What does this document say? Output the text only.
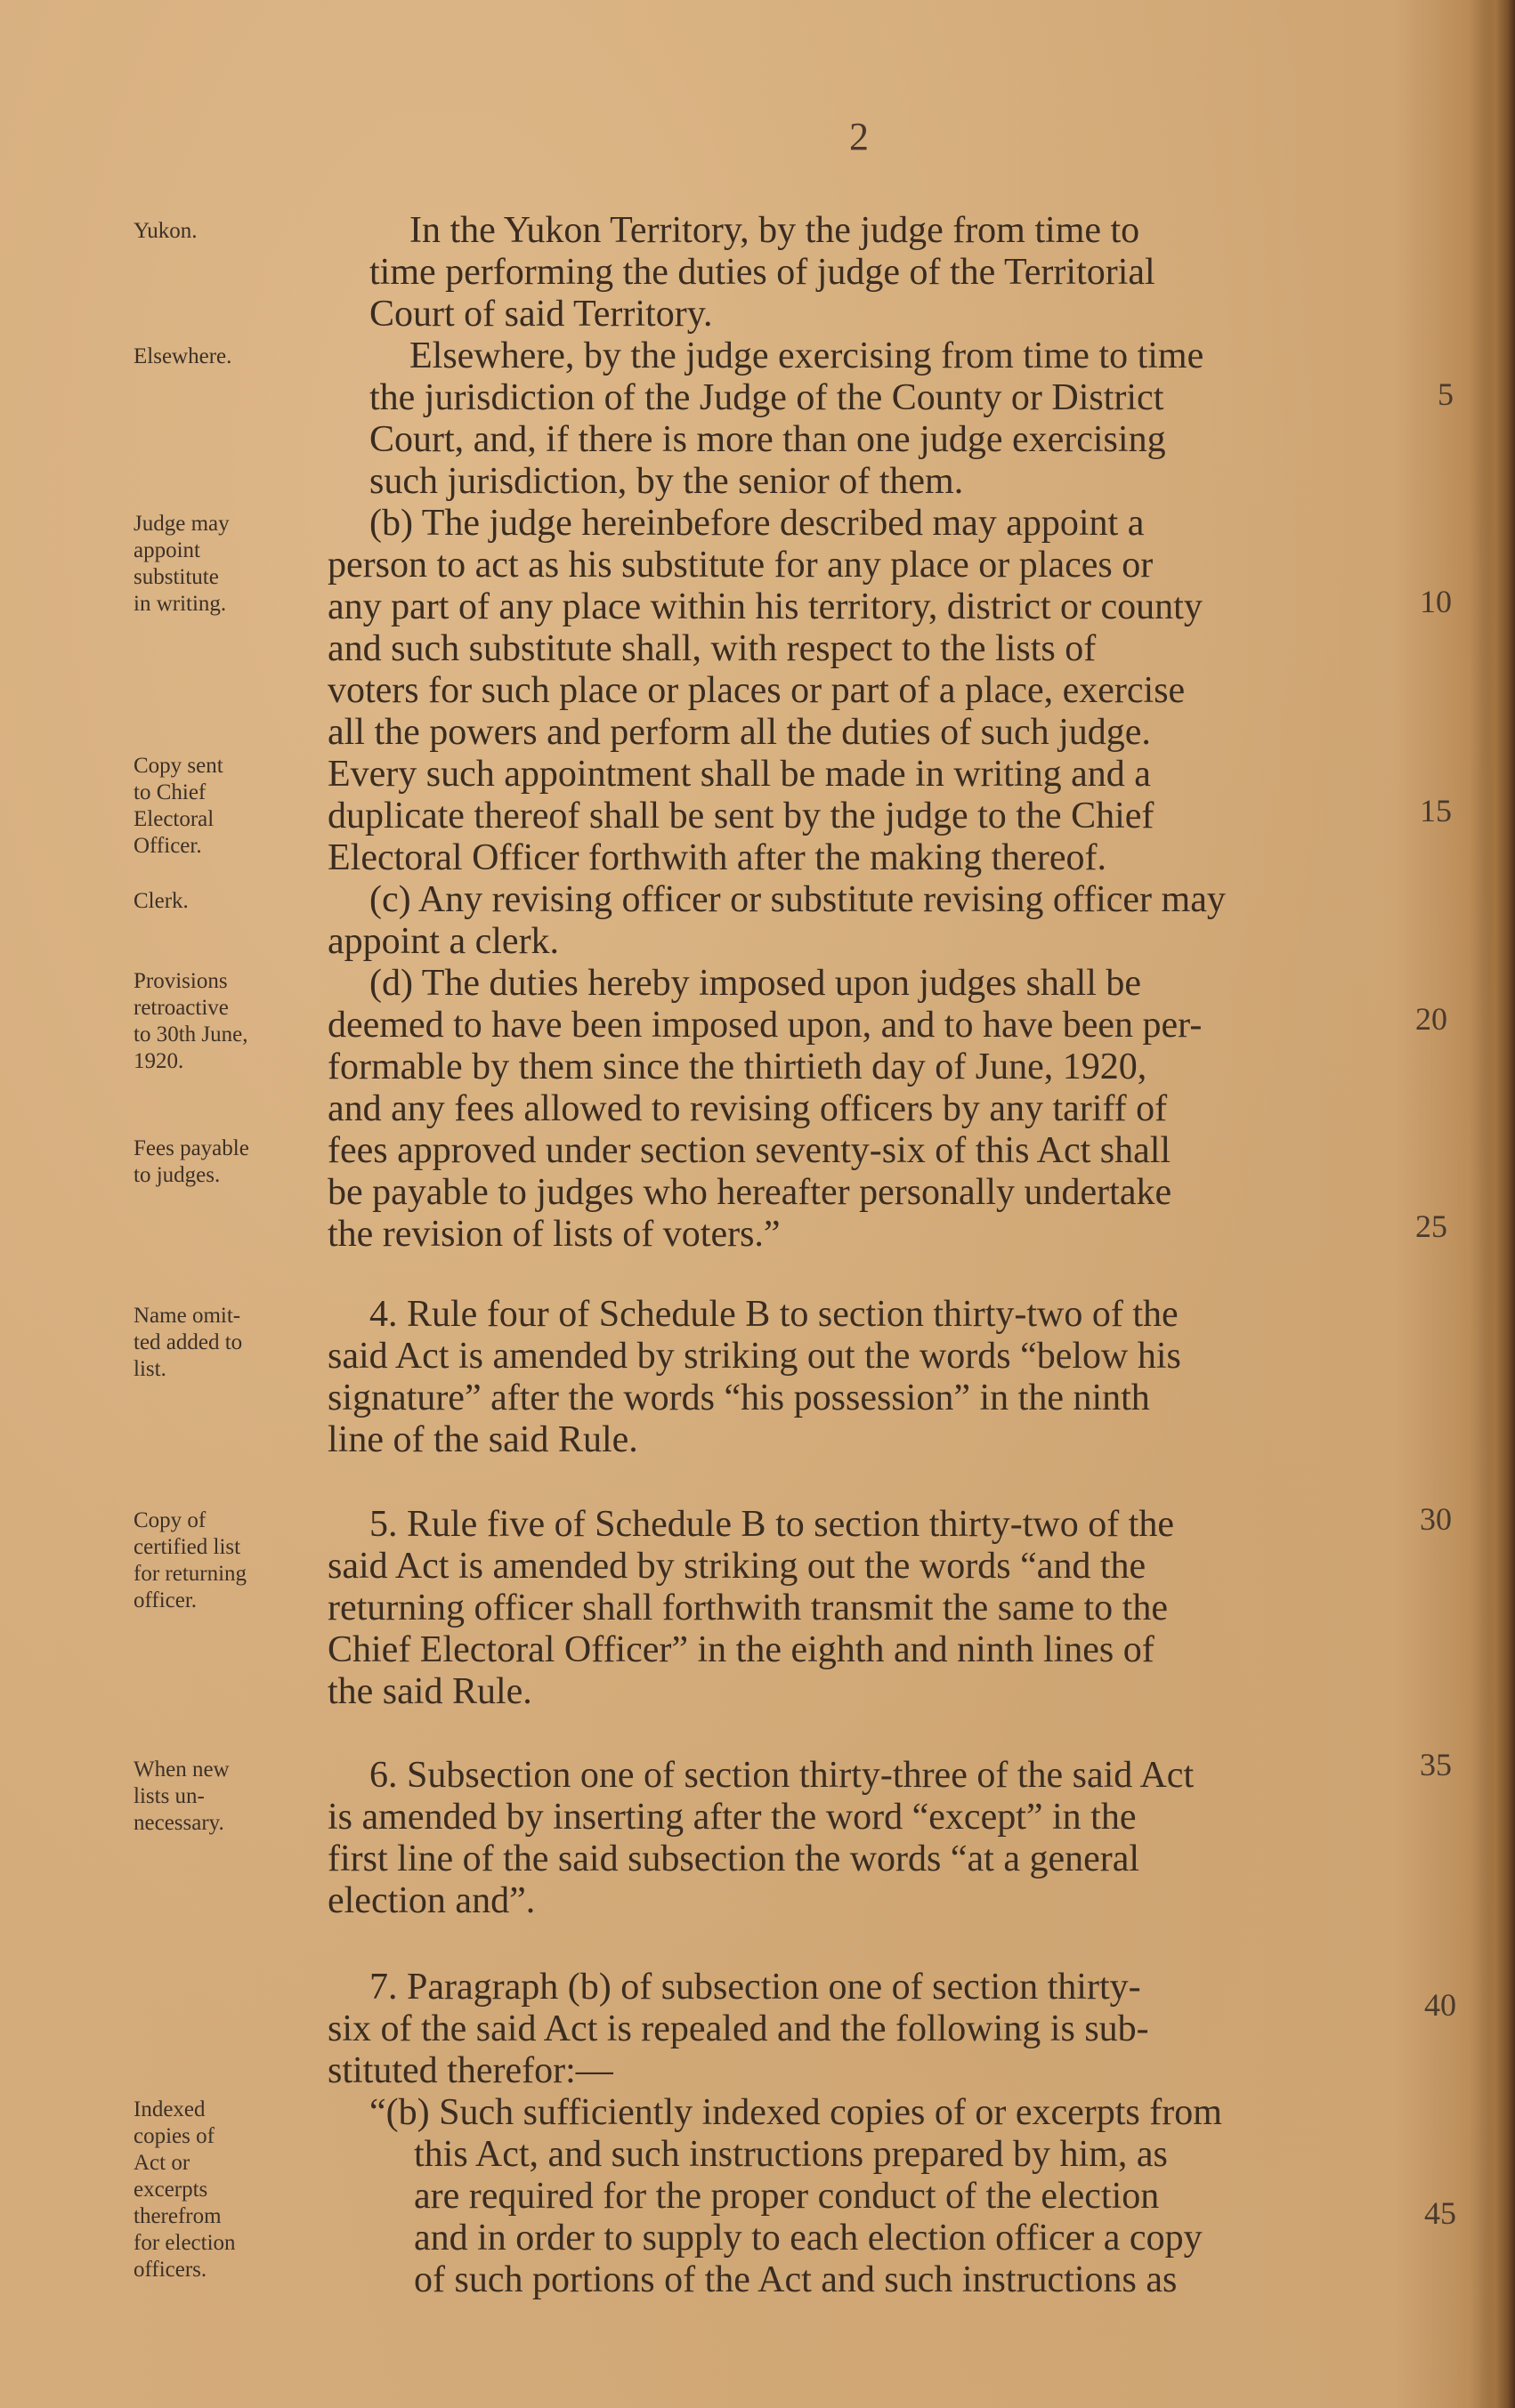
2
Yukon.
Elsewhere.
Judge may
appoint
substitute
in writing.
Copy sent
to Chief
Electoral
Officer.
Clerk.
Provisions
retroactive
to 30th June,
1920.
Fees payable
to judges.
Name omit-
ted added to
list.
Copy of
certified list
for returning
officer.
When new
lists un-
necessary.
Indexed
copies of
Act or
excerpts
therefrom
for election
officers.
In the Yukon Territory, by the judge from time to
time performing the duties of judge of the Territorial
Court of said Territory.
Elsewhere, by the judge exercising from time to time
the jurisdiction of the Judge of the County or District
Court, and, if there is more than one judge exercising
such jurisdiction, by the senior of them.
(b) The judge hereinbefore described may appoint a
person to act as his substitute for any place or places or
any part of any place within his territory, district or county
and such substitute shall, with respect to the lists of
voters for such place or places or part of a place, exercise
all the powers and perform all the duties of such judge.
Every such appointment shall be made in writing and a
duplicate thereof shall be sent by the judge to the Chief
Electoral Officer forthwith after the making thereof.
(c) Any revising officer or substitute revising officer may
appoint a clerk.
(d) The duties hereby imposed upon judges shall be
deemed to have been imposed upon, and to have been per-
formable by them since the thirtieth day of June, 1920,
and any fees allowed to revising officers by any tariff of
fees approved under section seventy-six of this Act shall
be payable to judges who hereafter personally undertake
the revision of lists of voters.”
4. Rule four of Schedule B to section thirty-two of the
said Act is amended by striking out the words “below his
signature” after the words “his possession” in the ninth
line of the said Rule.
5. Rule five of Schedule B to section thirty-two of the
said Act is amended by striking out the words “and the
returning officer shall forthwith transmit the same to the
Chief Electoral Officer” in the eighth and ninth lines of
the said Rule.
6. Subsection one of section thirty-three of the said Act
is amended by inserting after the word “except” in the
first line of the said subsection the words “at a general
election and”.
7. Paragraph (b) of subsection one of section thirty-
six of the said Act is repealed and the following is sub-
stituted therefor:—
“(b) Such sufficiently indexed copies of or excerpts from
this Act, and such instructions prepared by him, as
are required for the proper conduct of the election
and in order to supply to each election officer a copy
of such portions of the Act and such instructions as
5
10
15
20
25
30
35
40
45
